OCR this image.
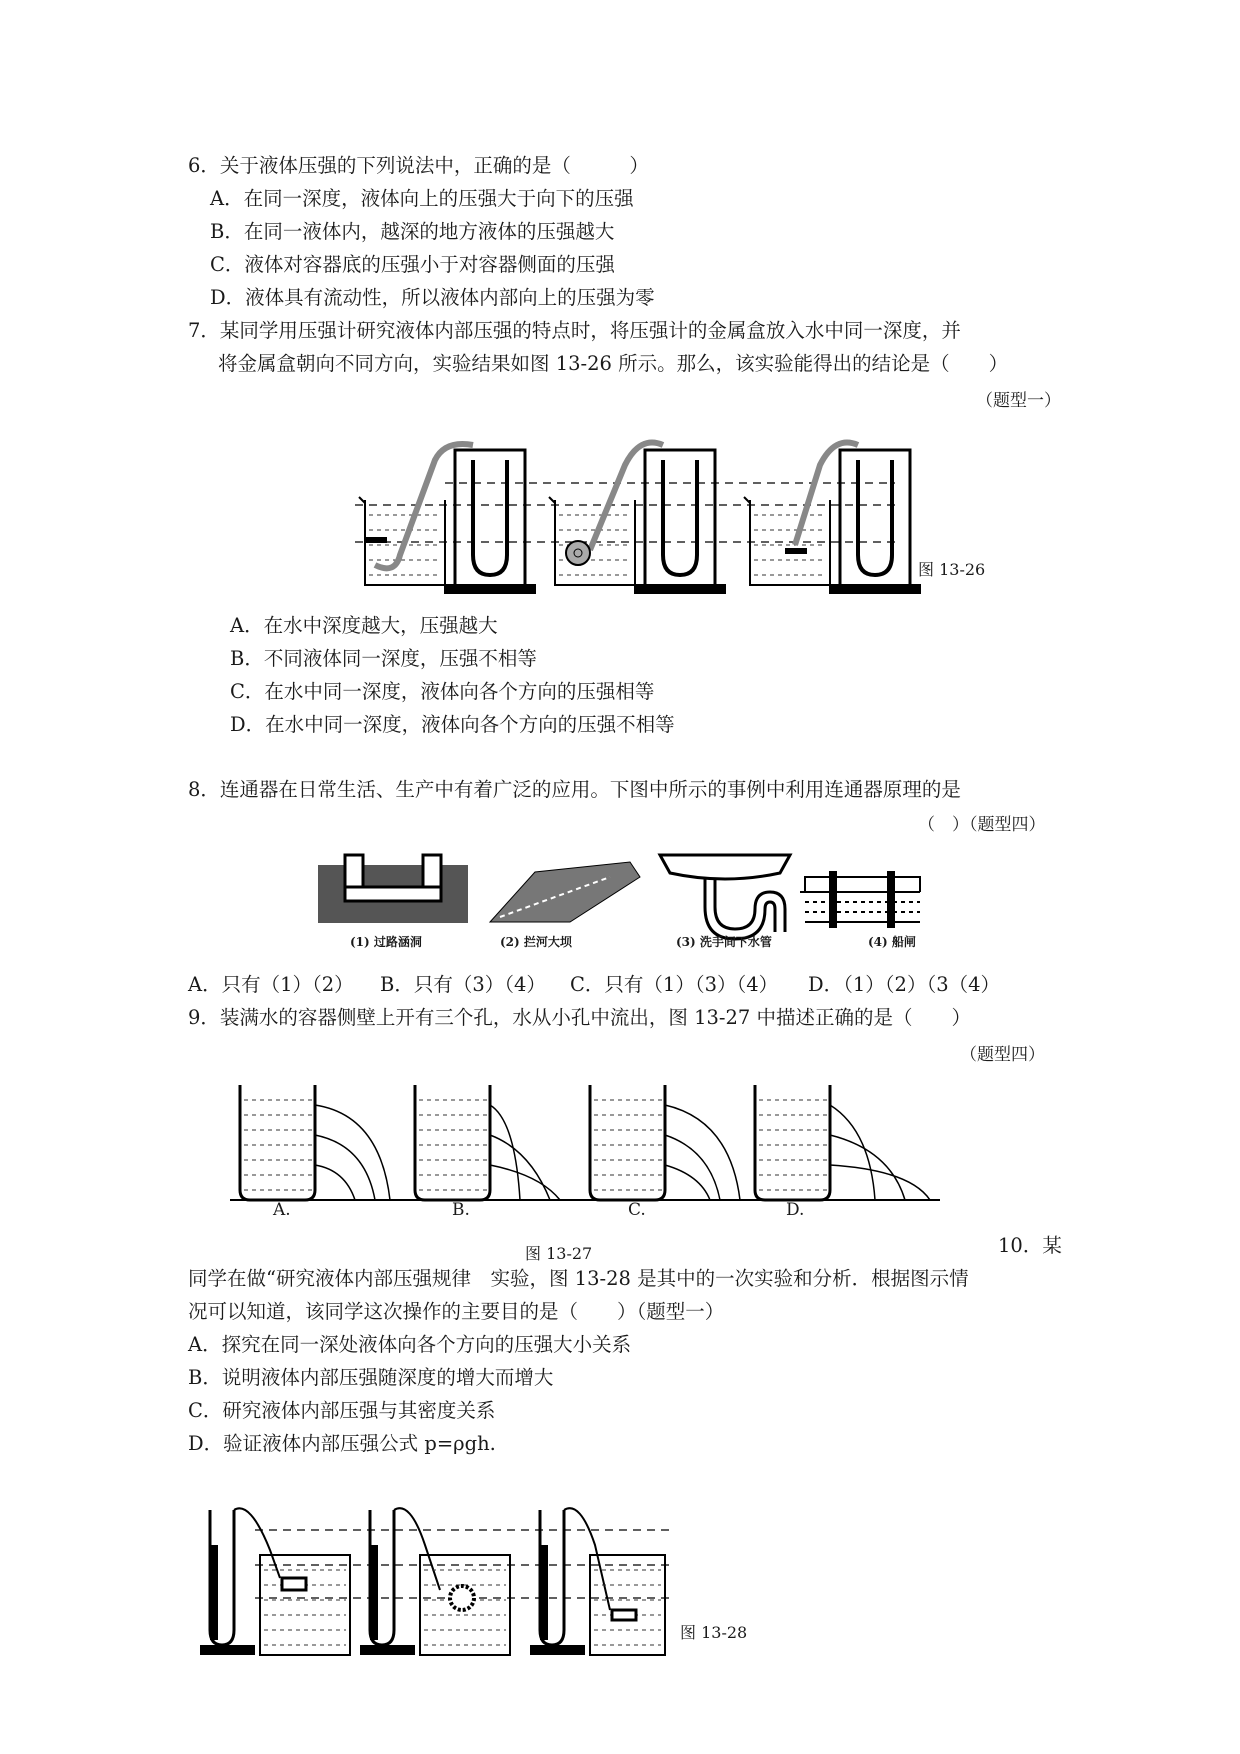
6．关于液体压强的下列说法中，正确的是（　　　）
A．在同一深度，液体向上的压强大于向下的压强
B．在同一液体内，越深的地方液体的压强越大
C．液体对容器底的压强小于对容器侧面的压强
D．液体具有流动性，所以液体内部向上的压强为零
7．某同学用压强计研究液体内部压强的特点时，将压强计的金属盒放入水中同一深度，并
将金属盒朝向不同方向，实验结果如图 13-26 所示。那么，该实验能得出的结论是（　　）
（题型一）
图 13-26
A．在水中深度越大，压强越大
B．不同液体同一深度，压强不相等
C．在水中同一深度，液体向各个方向的压强相等
D．在水中同一深度，液体向各个方向的压强不相等
8．连通器在日常生活、生产中有着广泛的应用。下图中所示的事例中利用连通器原理的是
（　）（题型四）
(1) 过路涵洞	(2) 拦河大坝	(3) 洗手间下水管	(4) 船闸
A．只有（1）（2） B．只有（3）（4） C．只有（1）（3）（4） D．（1）（2）（3（4）
9．装满水的容器侧壁上开有三个孔，水从小孔中流出，图 13-27 中描述正确的是（　　）
（题型四）
A.	B.	C.	D.
图 13-27	10．某
同学在做“研究液体内部压强规律　实验，图 13-28 是其中的一次实验和分析．根据图示情
况可以知道，该同学这次操作的主要目的是（　　）（题型一）
A．探究在同一深处液体向各个方向的压强大小关系
B．说明液体内部压强随深度的增大而增大
C．研究液体内部压强与其密度关系
D．验证液体内部压强公式 p=ρgh.
图 13-28
